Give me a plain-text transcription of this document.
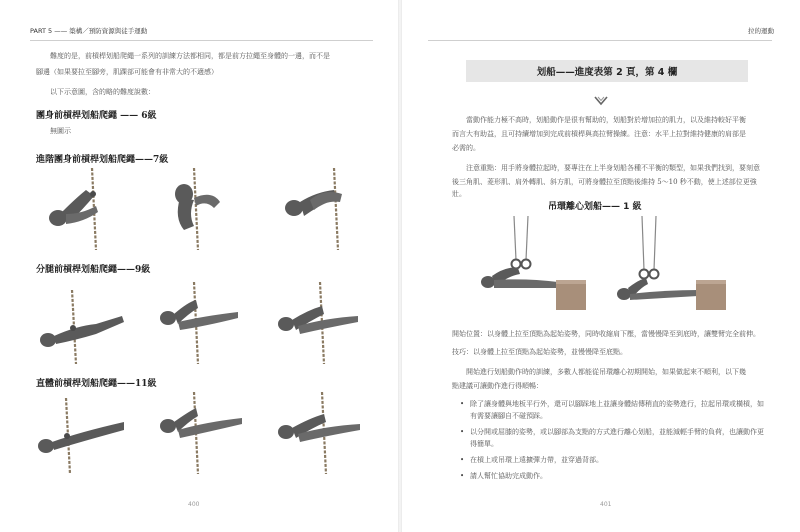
PART 5 —— 築構／預防資源與徒手運動
難度的是，前槓桿划船爬繩一系列的訓練方法都相同，都是前方拉繩至身體的一邊，而不是
腳邊（如果要拉至腳旁，肌踝部可能會有非常大的不適感）
以下示意圖，含的略的難度說數：
團身前槓桿划船爬繩 —— 6級
無圖示
進階團身前槓桿划船爬繩——7級
分腿前槓桿划船爬繩——9級
直體前槓桿划船爬繩——11級
400
拉的運動
401
划船——進度表第 2 頁，第 4 欄
當動作能力極不高時，划船動作是很有幫助的，划船對於增加拉的肌力，以及維持較好平衡
而言大有助益，且可持續增加到完成前槓桿與高拉臂操練。注意：水平上拉對維持健康的肩部是
必需的。
注意重點：用手將身體拉起時，要專注在上半身划船各種不平衡的類型，如果我們找到，要刻意
後三角肌、菱形肌、肩外轉肌、斜方肌，可將身體拉至頂點後維持 5～10 秒不動，使上述部位更強壯。
吊環離心划船—— 1 級
開始位置：以身體上拉至頂點為起始姿勢，同時收縮肩下壓，當慢慢降至到底時，讓雙臂完全前伸。
技巧：以身體上拉至頂點為起始姿勢，並慢慢降至底點。
開始進行划船動作時的訓練，多數人都能從吊環離心初期開始，如果做起來不順利，以下幾
點建議可讓動作進行得順暢：
• 除了讓身體與地板平行外，還可以腳踩地上並讓身體結傳稍直的姿勢進行，拉起吊環或橫槓，如有需要讓腳自不碰預踩。
• 以分開或屈膝的姿勢，或以腳部為支點的方式進行離心划船，並能減輕手臂的負荷，也讓動作更得簡單。
• 在槓上或吊環上遠擴彈力帶，並穿過背部。
• 請人幫忙協助完成動作。
